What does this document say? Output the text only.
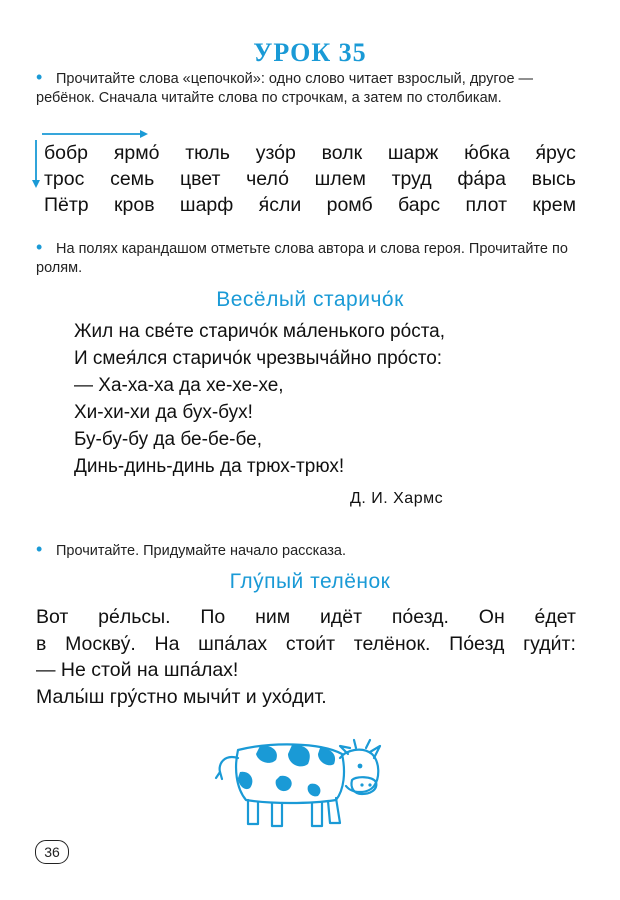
УРОК 35
• Прочитайте слова «цепочкой»: одно слово читает взрослый, другое — ребёнок. Сначала читайте слова по строчкам, а затем по столбикам.
бобр ярмо́ тюль узо́р волк шарж ю́бка я́рус
трос семь цвет чело́ шлем труд фа́ра высь
Пётр кров шарф я́сли ромб барс плот крем
• На полях карандашом отметьте слова автора и слова героя. Прочитайте по ролям.
Весёлый старичо́к
Жил на све́те старичо́к ма́ленького ро́ста,
И смея́лся старичо́к чрезвыча́йно про́сто:
— Ха-ха-ха да хе-хе-хе,
Хи-хи-хи да бух-бух!
Бу-бу-бу да бе-бе-бе,
Динь-динь-динь да трюх-трюх!
Д. И. Хармс
• Прочитайте. Придумайте начало рассказа.
Глу́пый телёнок
Вот ре́льсы. По ним идёт по́езд. Он е́дет
в Москву́. На шпа́лах стои́т телёнок. По́езд гуди́т:
— Не стой на шпа́лах!
Малы́ш гру́стно мычи́т и ухо́дит.
36
